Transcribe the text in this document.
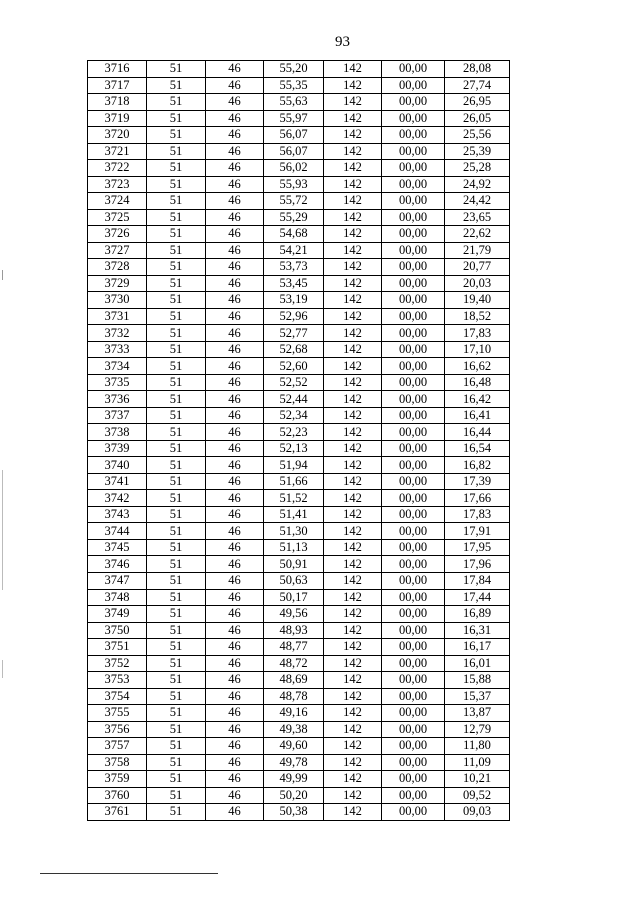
93
3716	51	46	55,20	142	00,00	28,08
3717	51	46	55,35	142	00,00	27,74
3718	51	46	55,63	142	00,00	26,95
3719	51	46	55,97	142	00,00	26,05
3720	51	46	56,07	142	00,00	25,56
3721	51	46	56,07	142	00,00	25,39
3722	51	46	56,02	142	00,00	25,28
3723	51	46	55,93	142	00,00	24,92
3724	51	46	55,72	142	00,00	24,42
3725	51	46	55,29	142	00,00	23,65
3726	51	46	54,68	142	00,00	22,62
3727	51	46	54,21	142	00,00	21,79
3728	51	46	53,73	142	00,00	20,77
3729	51	46	53,45	142	00,00	20,03
3730	51	46	53,19	142	00,00	19,40
3731	51	46	52,96	142	00,00	18,52
3732	51	46	52,77	142	00,00	17,83
3733	51	46	52,68	142	00,00	17,10
3734	51	46	52,60	142	00,00	16,62
3735	51	46	52,52	142	00,00	16,48
3736	51	46	52,44	142	00,00	16,42
3737	51	46	52,34	142	00,00	16,41
3738	51	46	52,23	142	00,00	16,44
3739	51	46	52,13	142	00,00	16,54
3740	51	46	51,94	142	00,00	16,82
3741	51	46	51,66	142	00,00	17,39
3742	51	46	51,52	142	00,00	17,66
3743	51	46	51,41	142	00,00	17,83
3744	51	46	51,30	142	00,00	17,91
3745	51	46	51,13	142	00,00	17,95
3746	51	46	50,91	142	00,00	17,96
3747	51	46	50,63	142	00,00	17,84
3748	51	46	50,17	142	00,00	17,44
3749	51	46	49,56	142	00,00	16,89
3750	51	46	48,93	142	00,00	16,31
3751	51	46	48,77	142	00,00	16,17
3752	51	46	48,72	142	00,00	16,01
3753	51	46	48,69	142	00,00	15,88
3754	51	46	48,78	142	00,00	15,37
3755	51	46	49,16	142	00,00	13,87
3756	51	46	49,38	142	00,00	12,79
3757	51	46	49,60	142	00,00	11,80
3758	51	46	49,78	142	00,00	11,09
3759	51	46	49,99	142	00,00	10,21
3760	51	46	50,20	142	00,00	09,52
3761	51	46	50,38	142	00,00	09,03
